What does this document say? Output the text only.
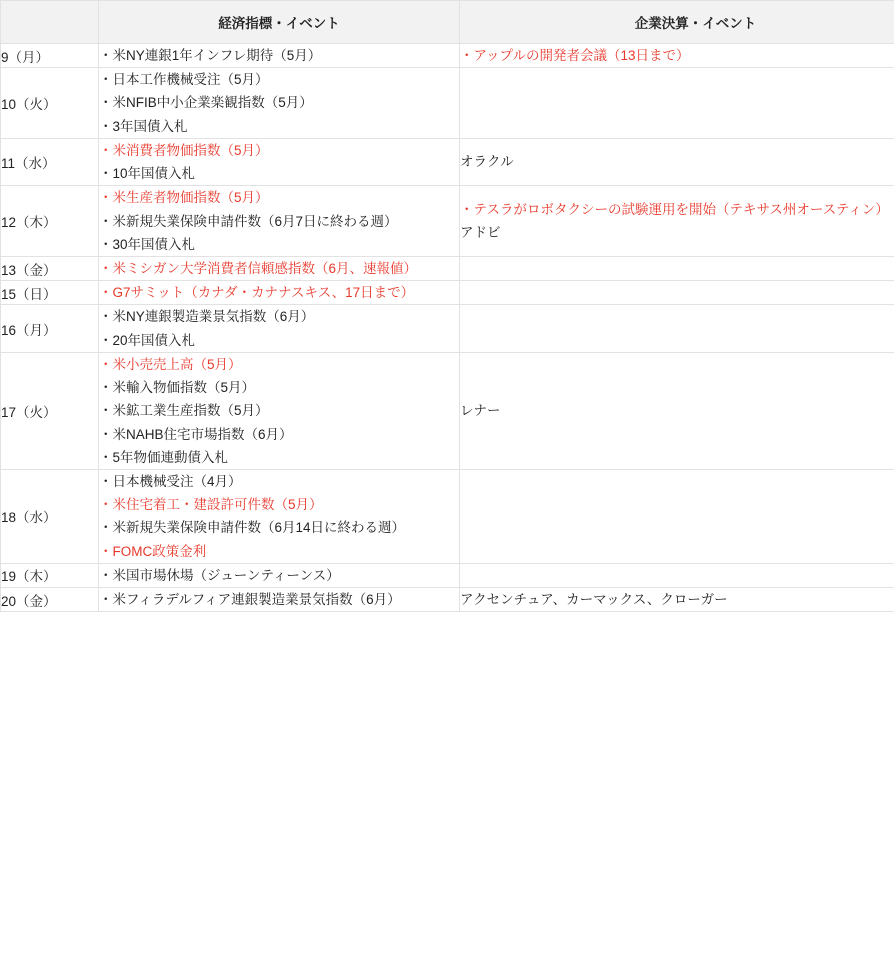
	経済指標・イベント	企業決算・イベント
9（月）	・米NY連銀1年インフレ期待（5月）	・アップルの開発者会議（13日まで）

10（火）	・日本工作機械受注（5月）
・米NFIB中小企業楽観指数（5月）
・3年国債入札	

11（水）	・米消費者物価指数（5月）
・10年国債入札	オラクル

12（木）	・米生産者物価指数（5月）
・米新規失業保険申請件数（6月7日に終わる週）
・30年国債入札	・テスラがロボタクシーの試験運用を開始（テキサス州オースティン）
アドビ

13（金）	・米ミシガン大学消費者信頼感指数（6月、速報値）	

15（日）	・G7サミット（カナダ・カナナスキス、17日まで）	

16（月）	・米NY連銀製造業景気指数（6月）
・20年国債入札	

17（火）	・米小売売上高（5月）
・米輸入物価指数（5月）
・米鉱工業生産指数（5月）
・米NAHB住宅市場指数（6月）
・5年物価連動債入札	レナー

18（水）	・日本機械受注（4月）
・米住宅着工・建設許可件数（5月）
・米新規失業保険申請件数（6月14日に終わる週）
・FOMC政策金利	

19（木）	・米国市場休場（ジューンティーンス）	

20（金）	・米フィラデルフィア連銀製造業景気指数（6月）	アクセンチュア、カーマックス、クローガー
